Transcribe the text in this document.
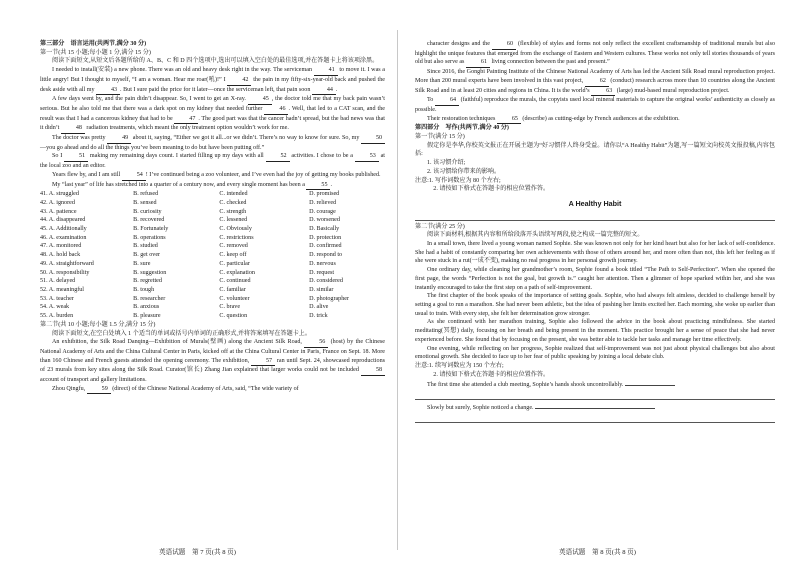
第三部分　语言运用(共两节,满分 30 分)

第一节(共 15 小题;每小题 1 分,满分 15 分)

阅读下面短文,从短文后各题所给的 A、B、C 和 D 四个选项中,选出可以填入空白处的最佳选项,并在答题卡上将该项涂黑。

I needed to install(安装) a new phone. There was an old and heavy desk right in the way. The serviceman 41 to move it. I was a little angry! But I thought to myself, “I am a woman. Hear me roar(吼)!” I 42 the pain in my fifty-six-year-old back and pushed the desk aside with all my 43 . But I sure paid the price for it later—once the serviceman left, that pain soon 44 .

A few days went by, and the pain didn’t disappear. So, I went to get an X-ray. 45 , the doctor told me that my back pain wasn’t serious. But he also told me that there was a dark spot on my kidney that needed further 46 . Well, that led to a CAT scan, and the result was that I had a cancerous kidney that had to be 47 . The good part was that the cancer hadn’t spread, but the bad news was that it didn’t 48 radiation treatments, which meant the only treatment option wouldn’t work for me.

The doctor was pretty 49 about it, saying, “Either we got it all...or we didn’t. There’s no way to know for sure. So, my 50—you go ahead and do all the things you’ve been meaning to do but have been putting off.”

So I 51 making my remaining days count. I started filling up my days with all 52 activities. I chose to be a 53 at the local zoo and an editor.

Years flew by, and I am still 54 ! I’ve continued being a zoo volunteer, and I’ve even had the joy of getting my books published.

My “last year” of life has stretched into a quarter of a century now, and every single moment has been a 55 .

41. A. struggled	B. refused	C. intended	D. promised
42. A. ignored	B. sensed	C. checked	D. relieved
43. A. patience	B. curiosity	C. strength	D. courage
44. A. disappeared	B. recovered	C. lessened	D. worsened
45. A. Additionally	B. Fortunately	C. Obviously	D. Basically
46. A. examination	B. operations	C. restrictions	D. protection
47. A. monitored	B. studied	C. removed	D. confirmed
48. A. hold back	B. get over	C. keep off	D. respond to
49. A. straightforward	B. sure	C. particular	D. nervous
50. A. responsibility	B. suggestion	C. explanation	D. request
51. A. delayed	B. regretted	C. continued	D. considered
52. A. meaningful	B. tough	C. familiar	D. similar
53. A. teacher	B. researcher	C. volunteer	D. photographer
54. A. weak	B. anxious	C. brave	D. alive
55. A. burden	B. pleasure	C. question	D. trick

第二节(共 10 小题;每小题 1.5 分,满分 15 分)

阅读下面短文,在空白处填入 1 个适当的单词或括号内单词的正确形式,并将答案填写在答题卡上。

An exhibition, the Silk Road Danqing—Exhibition of Murals(壁画) along the Ancient Silk Road, 56 (host) by the Chinese National Academy of Arts and the China Cultural Center in Paris, kicked off at the China Cultural Center in Paris, France on Sept. 18. More than 160 Chinese and French guests attended the opening ceremony. The exhibition, 57 ran until Sept. 24, showcased reproductions of 23 murals from key sites along the Silk Road. Curator(馆长) Zhang Jian explained that larger works could not be included 58 account of transport and gallery limitations.

Zhou Qingfu, 59 (direct) of the Chinese National Academy of Arts, said, “The wide variety of

英语试题　第 7 页(共 8 页)

character designs and the 60 (flexible) of styles and forms not only reflect the excellent craftsmanship of traditional murals but also highlight the unique features that emerged from the exchange of Eastern and Western cultures. These works not only tell stories thousands of years old but also serve as 61 living connection between the past and present.”

Since 2016, the Gongbi Painting Institute of the Chinese National Academy of Arts has led the Ancient Silk Road mural reproduction project. More than 200 mural experts have been involved in this vast project, 62 (conduct) research across more than 10 countries along the Ancient Silk Road and in at least 20 cities and regions in China. It is the world’s 63 (large) mud-based mural reproduction project.

To 64 (faithful) reproduce the murals, the copyists used local mineral materials to capture the original works’ authenticity as closely as possible.

Their restoration techniques 65 (describe) as cutting-edge by French audiences at the exhibition.

第四部分　写作(共两节,满分 40 分)

第一节(满分 15 分)

假定你是李华,你校英文报正在开展主题为“好习惯伴人终身受益。请你以“A Healthy Habit”为题,写一篇短文向校英文报投稿,内容包括:

1. 该习惯介绍;

2. 该习惯给你带来的影响。

注意:1. 写作词数应为 80 个左右;

　　　2. 请按如下格式在答题卡的相应位置作答。

A Healthy Habit

第二节(满分 25 分)

阅读下面材料,根据其内容和所给段落开头语续写两段,使之构成一篇完整的短文。

In a small town, there lived a young woman named Sophie. She was known not only for her kind heart but also for her lack of self-confidence. She had a habit of constantly comparing her own achievements with those of others around her, and more often than not, this left her feeling as if she were stuck in a rut(一成不变), making no real progress in her personal growth journey.

One ordinary day, while cleaning her grandmother’s room, Sophie found a book titled “The Path to Self-Perfection”. When she opened the first page, the words “Perfection is not the goal, but growth is.” caught her attention. Then a glimmer of hope sparked within her, and she was instantly encouraged to take the first step on a path of self-improvement.

The first chapter of the book speaks of the importance of setting goals. Sophie, who had always felt aimless, decided to challenge herself by setting a goal to run a marathon. She had never been athletic, but the idea of pushing her limits excited her. Each morning, she woke up earlier than usual to train. With every step, she felt her determination grow stronger.

As she continued with her marathon training, Sophie also followed the advice in the book about practicing mindfulness. She started meditating(冥想) daily, focusing on her breath and being present in the moment. This practice brought her a sense of peace that she had never experienced before. She found that by focusing on the present, she was better able to tackle her tasks and manage her time effectively.

One evening, while reflecting on her progress, Sophie realized that self-improvement was not just about physical challenges but also about emotional growth. She decided to face up to her fear of public speaking by joining a local debate club.

注意:1. 续写词数应为 150 个左右;

　　　2. 请按如下格式在答题卡的相应位置作答。

The first time she attended a club meeting, Sophie’s hands shook uncontrollably.

Slowly but surely, Sophie noticed a change.

英语试题　第 8 页(共 8 页)
